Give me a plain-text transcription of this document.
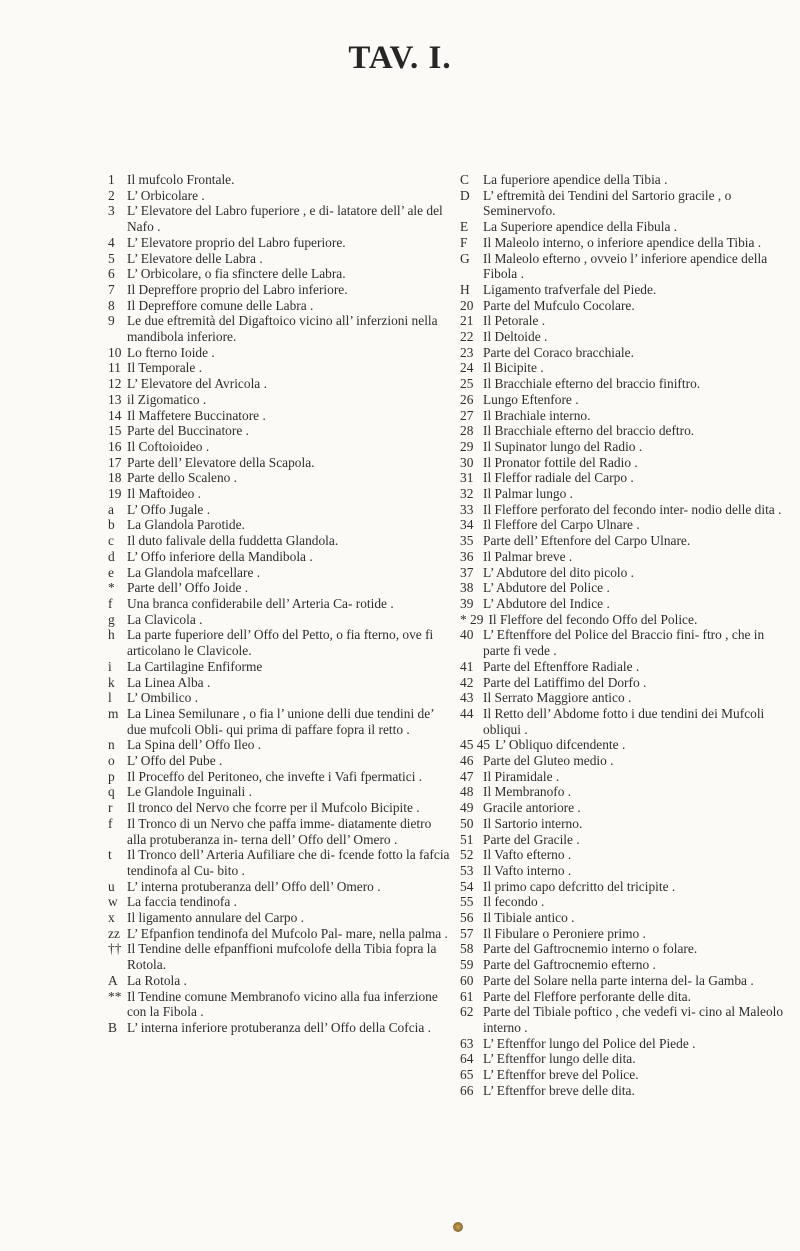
TAV. I.
1 Il mufcolo Frontale.
2 L’ Orbicolare .
3 L’ Elevatore del Labro fuperiore , e di- latatore dell’ ale del Nafo .
4 L’ Elevatore proprio del Labro fuperiore.
5 L’ Elevatore delle Labra .
6 L’ Orbicolare, o fia sfinctere delle Labra.
7 Il Depreffore proprio del Labro inferiore.
8 Il Depreffore comune delle Labra .
9 Le due eftremità del Digaftoico vicino all’ inferzioni nella mandibola inferiore.
10 Lo fterno Ioide .
11 Il Temporale .
12 L’ Elevatore del Avricola .
13 il Zigomatico .
14 Il Maffetere Buccinatore .
15 Parte del Buccinatore .
16 Il Coftoioideo .
17 Parte dell’ Elevatore della Scapola.
18 Parte dello Scaleno .
19 Il Maftoideo .
a L’ Offo Jugale .
b La Glandola Parotide.
c Il duto falivale della fuddetta Glandola.
d L’ Offo inferiore della Mandibola .
e La Glandola mafcellare .
* Parte dell’ Offo Joide .
f	Una branca confiderabile dell’ Arteria Ca- rotide .
g La Clavicola .
h La parte fuperiore dell’ Offo del Petto, o fia fterno, ove fi articolano le Clavicole.
i	La Cartilagine Enfiforme
k La Linea Alba .
l	L’ Ombilico .
m La Linea Semilunare , o fia l’ unione delli due tendini de’ due mufcoli Obli- qui prima di paffare fopra il retto .
n La Spina dell’ Offo Ileo .
o L’ Offo del Pube .
p Il Proceffo del Peritoneo, che invefte i Vafi fpermatici .
q Le Glandole Inguinali .
r	Il tronco del Nervo che fcorre per il Mufcolo Bicipite .
f	Il Tronco di un Nervo che paffa imme- diatamente dietro alla protuberanza in- terna dell’ Offo dell’ Omero .
t	Il Tronco dell’ Arteria Aufiliare che di- fcende fotto la fafcia tendinofa al Cu- bito .
u L’ interna protuberanza dell’ Offo dell’ Omero .
w La faccia tendinofa .
x Il ligamento annulare del Carpo .
zz L’ Efpanfion tendinofa del Mufcolo Pal- mare, nella palma .
†† Il Tendine delle efpanffioni mufcolofe della Tibia fopra la Rotola.
A La Rotola .
** Il Tendine comune Membranofo vicino alla fua inferzione con la Fibola .
B L’ interna inferiore protuberanza dell’ Offo della Cofcia .
C	La fuperiore apendice della Tibia .
D L’ eftremità dei Tendini del Sartorio gracile , o Seminervofo.
E	La Superiore apendice della Fibula .
F	Il Maleolo interno, o inferiore apendice della Tibia .
G Il Maleolo efterno , ovveio l’ inferiore apendice della Fibola .
H Ligamento trafverfale del Piede.
20 Parte del Mufculo Cocolare.
21 Il Petorale .
22 Il Deltoide .
23 Parte del Coraco bracchiale.
24 Il Bicipite .
25 Il Bracchiale efterno del braccio finiftro.
26 Lungo Eftenfore .
27 Il Brachiale interno.
28 Il Bracchiale efterno del braccio deftro.
29 Il Supinator lungo del Radio .
30 Il Pronator fottile del Radio .
31 Il Fleffor radiale del Carpo .
32 Il Palmar lungo .
33 Il Fleffore perforato del fecondo inter- nodio delle dita .
34 Il Fleffore del Carpo Ulnare .
35 Parte dell’ Eftenfore del Carpo Ulnare.
36 Il Palmar breve .
37 L’ Abdutore del dito picolo .
38 L’ Abdutore del Police .
39 L’ Abdutore del Indice .
* 29 Il Fleffore del fecondo Offo del Police.
40 L’ Eftenffore del Police del Braccio fini- ftro , che in parte fi vede .
41 Parte del Eftenffore Radiale .
42 Parte del Latiffimo del Dorfo .
43 Il Serrato Maggiore antico .
44 Il Retto dell’ Abdome fotto i due tendini dei Mufcoli obliqui .
45 45 L’ Obliquo difcendente .
46 Parte del Gluteo medio .
47 Il Piramidale .
48 Il Membranofo .
49 Gracile antoriore .
50 Il Sartorio interno.
51 Parte del Gracile .
52 Il Vafto efterno .
53 Il Vafto interno .
54 Il primo capo defcritto del tricipite .
55 Il fecondo .
56 Il Tibiale antico .
57 Il Fibulare o Peroniere primo .
58 Parte del Gaftrocnemio interno o folare.
59 Parte del Gaftrocnemio efterno .
60 Parte del Solare nella parte interna del- la Gamba .
61 Parte del Fleffore perforante delle dita.
62 Parte del Tibiale pofticο , che vedefi vi- cino al Maleolo interno .
63 L’ Eftenffor lungo del Police del Piede .
64 L’ Eftenffor lungo delle dita.
65 L’ Eftenffor breve del Police.
66 L’ Eftenffor breve delle dita.
